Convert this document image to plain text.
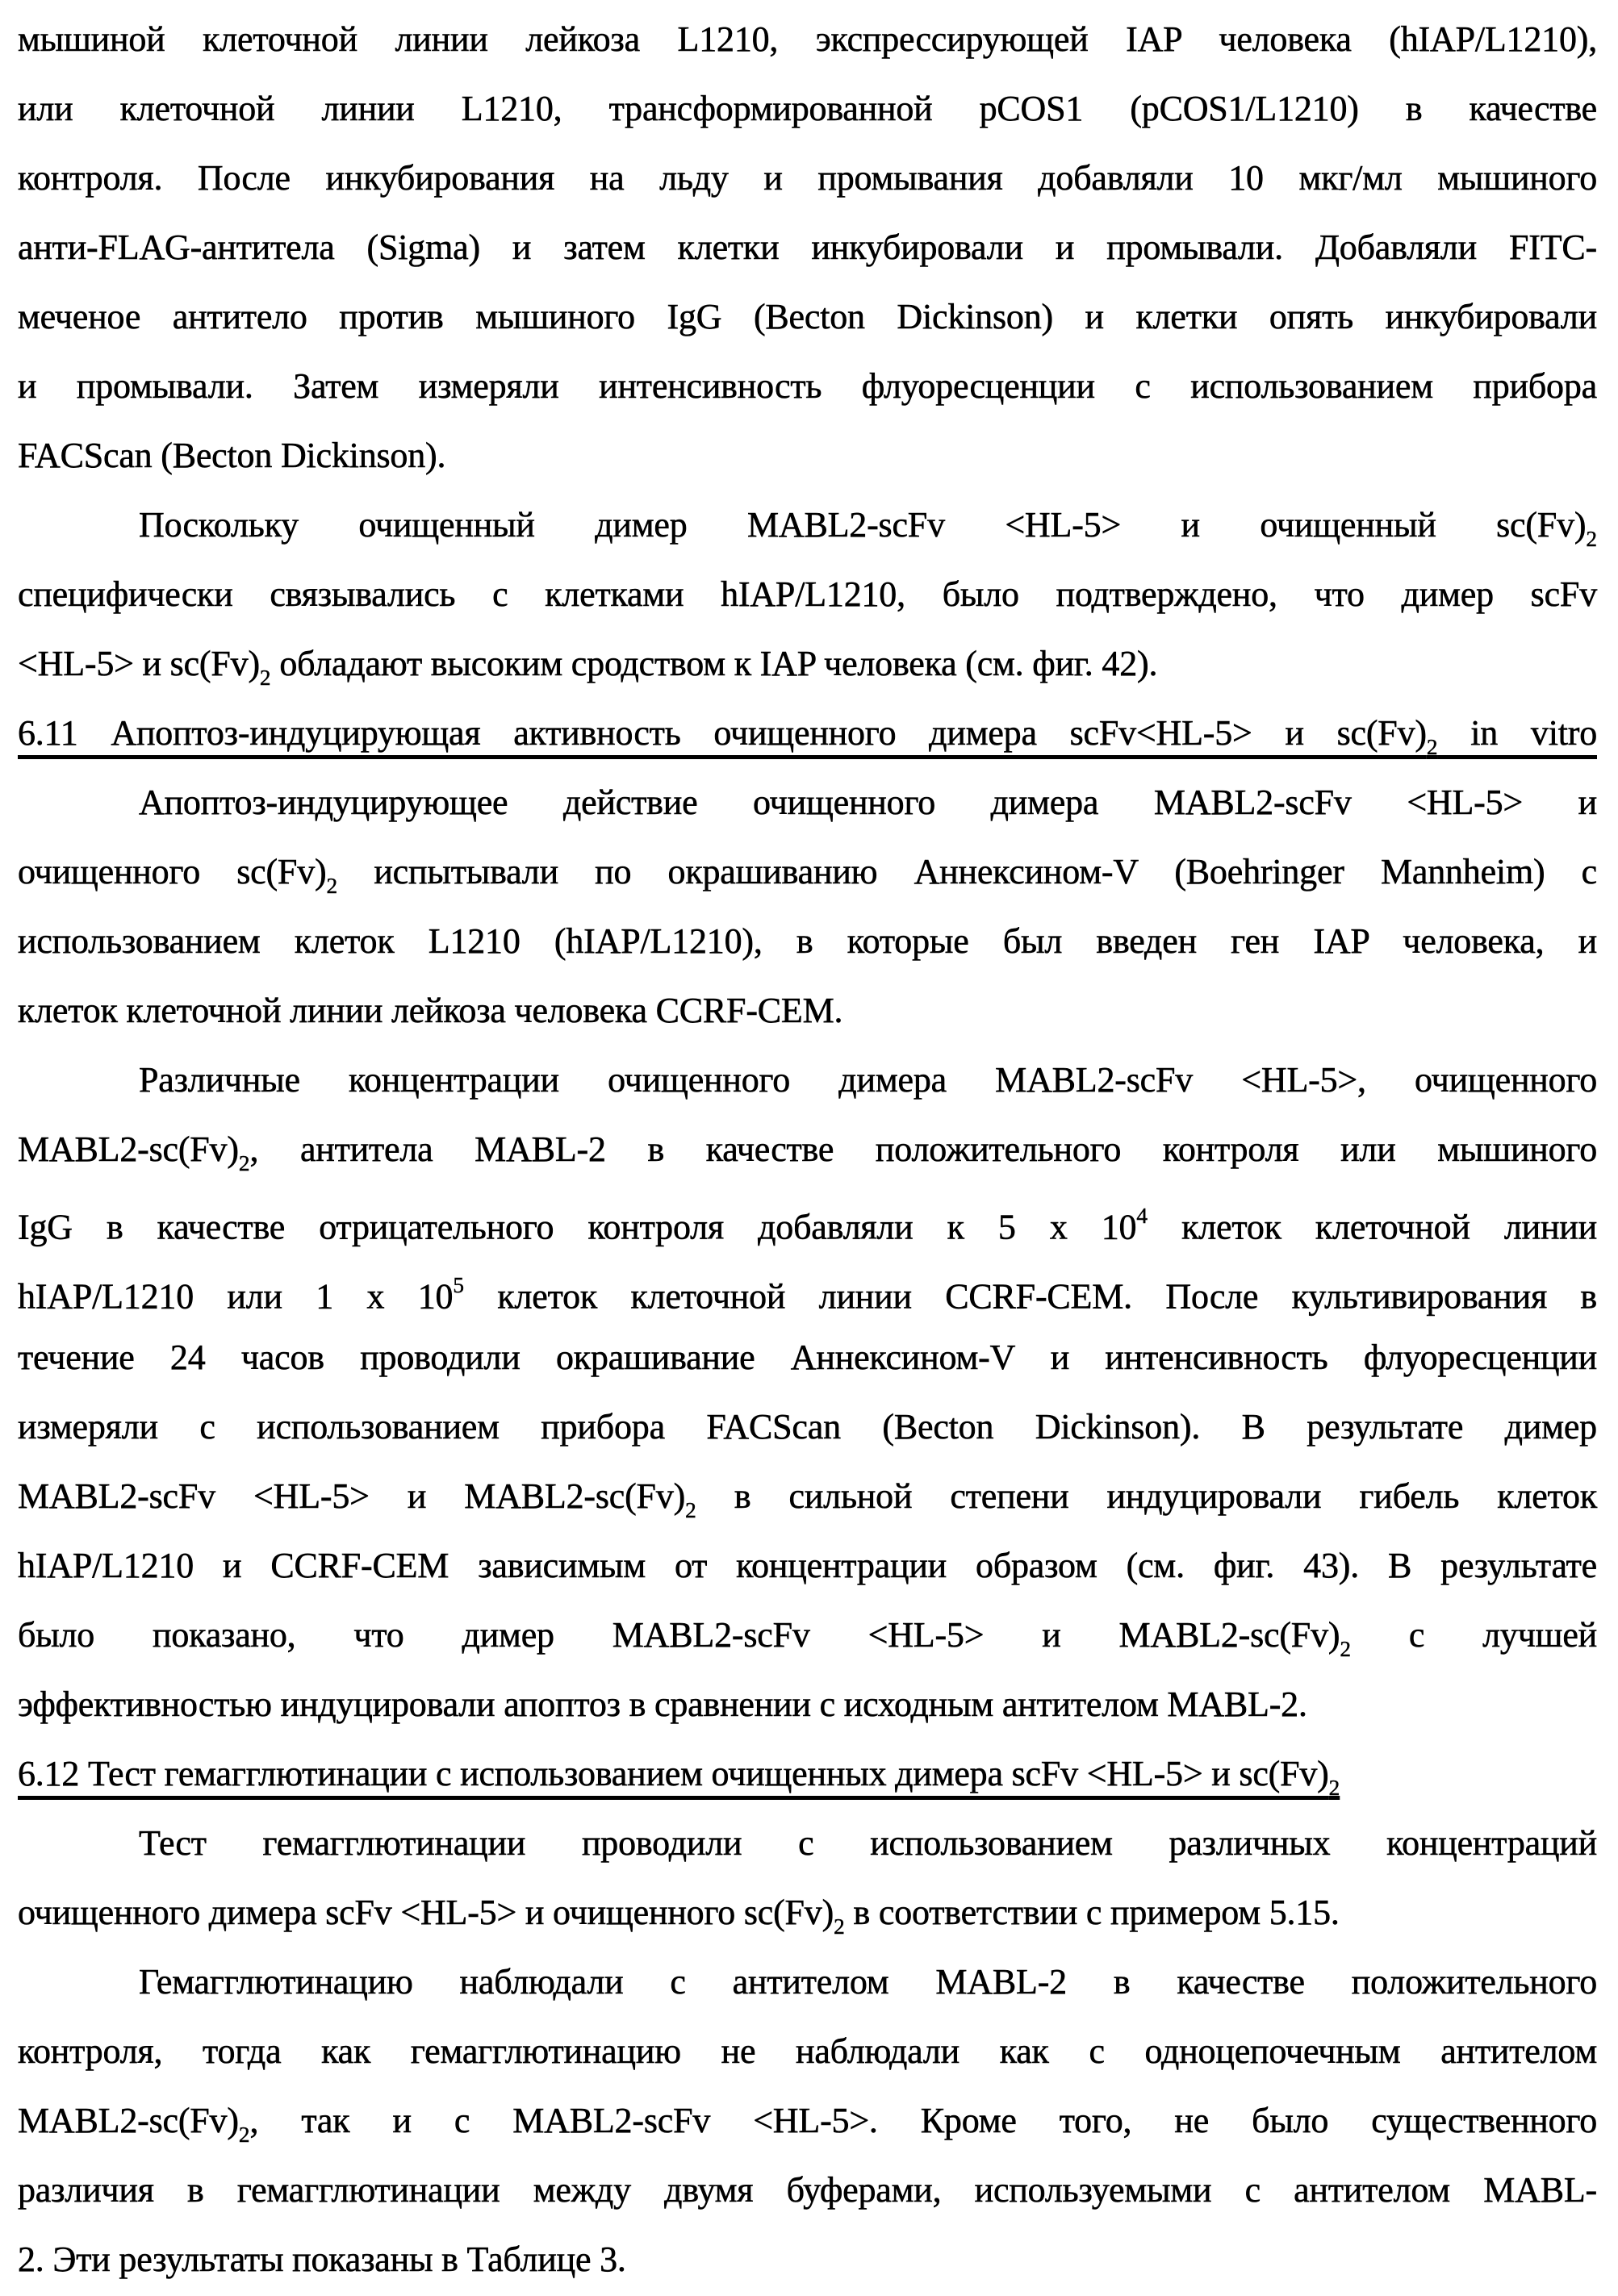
мышиной клеточной линии лейкоза L1210, экспрессирующей IAP человека (hIAP/L1210),
или клеточной линии L1210, трансформированной pCOS1 (pCOS1/L1210) в качестве
контроля. После инкубирования на льду и промывания добавляли 10 мкг/мл мышиного
анти-FLAG-антитела (Sigma) и затем клетки инкубировали и промывали. Добавляли FITC-
меченое антитело против мышиного IgG (Becton Dickinson) и клетки опять инкубировали
и промывали. Затем измеряли интенсивность флуоресценции с использованием прибора
FACScan (Becton Dickinson).
Поскольку очищенный димер MABL2-scFv <HL-5> и очищенный $sc(Fv)_2$
специфически связывались с клетками hIAP/L1210, было подтверждено, что димер scFv
<HL-5> и $sc(Fv)_2$ обладают высоким сродством к IAP человека (см. фиг. 42).
6.11 Апоптоз-индуцирующая активность очищенного димера scFv<HL-5> и $sc(Fv)_2$ in vitro
Апоптоз-индуцирующее действие очищенного димера MABL2-scFv <HL-5> и
очищенного $sc(Fv)_2$ испытывали по окрашиванию Аннексином-V (Boehringer Mannheim) с
использованием клеток L1210 (hIAP/L1210), в которые был введен ген IAP человека, и
клеток клеточной линии лейкоза человека CCRF-CEM.
Различные концентрации очищенного димера MABL2-scFv <HL-5>, очищенного
$MABL2-sc(Fv)_2$, антитела MABL-2 в качестве положительного контроля или мышиного
IgG в качестве отрицательного контроля добавляли к 5 x $10^4$ клеток клеточной линии
hIAP/L1210 или 1 x $10^5$ клеток клеточной линии CCRF-CEM. После культивирования в
течение 24 часов проводили окрашивание Аннексином-V и интенсивность флуоресценции
измеряли с использованием прибора FACScan (Becton Dickinson). В результате димер
MABL2-scFv <HL-5> и $MABL2-sc(Fv)_2$ в сильной степени индуцировали гибель клеток
hIAP/L1210 и CCRF-CEM зависимым от концентрации образом (см. фиг. 43). В результате
было показано, что димер MABL2-scFv <HL-5> и $MABL2-sc(Fv)_2$ с лучшей
эффективностью индуцировали апоптоз в сравнении с исходным антителом MABL-2.
6.12 Тест гемагглютинации с использованием очищенных димера scFv <HL-5> и $sc(Fv)_2$
Тест гемагглютинации проводили с использованием различных концентраций
очищенного димера scFv <HL-5> и очищенного $sc(Fv)_2$ в соответствии с примером 5.15.
Гемагглютинацию наблюдали с антителом MABL-2 в качестве положительного
контроля, тогда как гемагглютинацию не наблюдали как с одноцепочечным антителом
$MABL2-sc(Fv)_2$, так и с MABL2-scFv <HL-5>. Кроме того, не было существенного
различия в гемагглютинации между двумя буферами, используемыми с антителом MABL-
2. Эти результаты показаны в Таблице 3.
